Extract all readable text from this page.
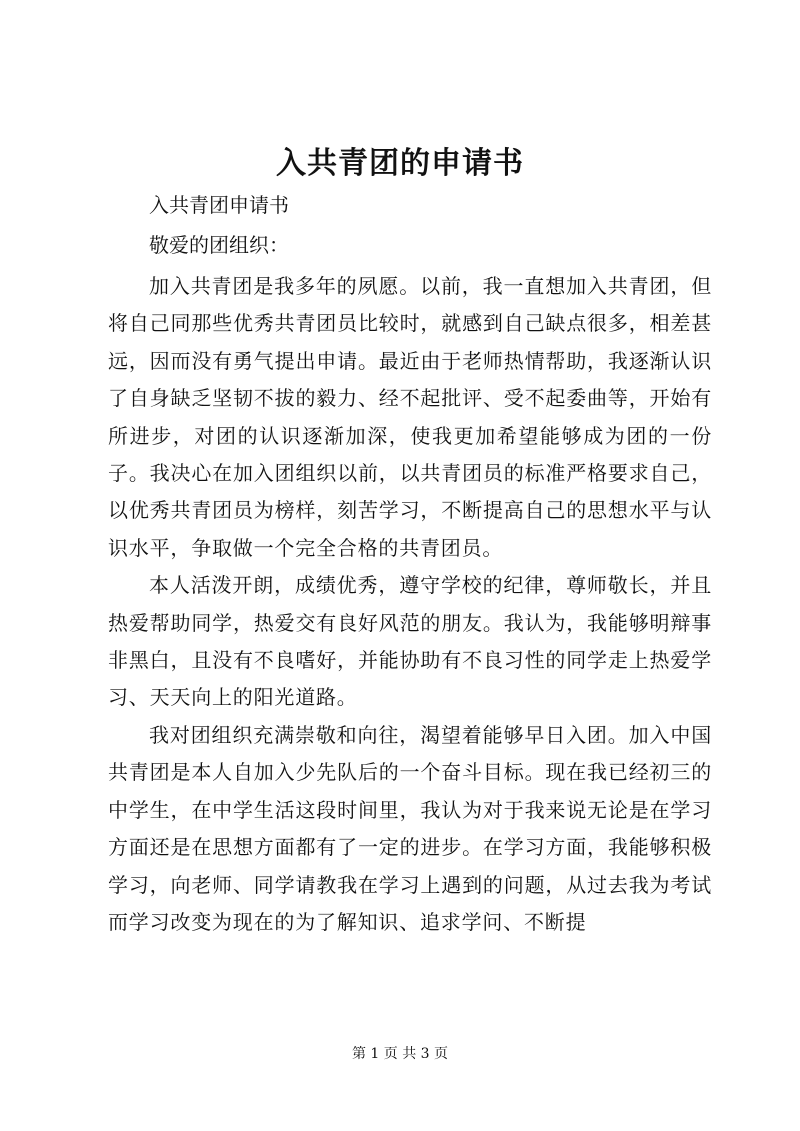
入共青团的申请书

入共青团申请书

敬爱的团组织：

加入共青团是我多年的夙愿。以前，我一直想加入共青团，但将自己同那些优秀共青团员比较时，就感到自己缺点很多，相差甚远，因而没有勇气提出申请。最近由于老师热情帮助，我逐渐认识了自身缺乏坚韧不拔的毅力、经不起批评、受不起委曲等，开始有所进步，对团的认识逐渐加深，使我更加希望能够成为团的一份子。我决心在加入团组织以前，以共青团员的标准严格要求自己，以优秀共青团员为榜样，刻苦学习，不断提高自己的思想水平与认识水平，争取做一个完全合格的共青团员。

本人活泼开朗，成绩优秀，遵守学校的纪律，尊师敬长，并且热爱帮助同学，热爱交有良好风范的朋友。我认为，我能够明辩事非黑白，且没有不良嗜好，并能协助有不良习性的同学走上热爱学习、天天向上的阳光道路。

我对团组织充满崇敬和向往，渴望着能够早日入团。加入中国共青团是本人自加入少先队后的一个奋斗目标。现在我已经初三的中学生，在中学生活这段时间里，我认为对于我来说无论是在学习方面还是在思想方面都有了一定的进步。在学习方面，我能够积极学习，向老师、同学请教我在学习上遇到的问题，从过去我为考试而学习改变为现在的为了解知识、追求学问、不断提

第 1 页 共 3 页
